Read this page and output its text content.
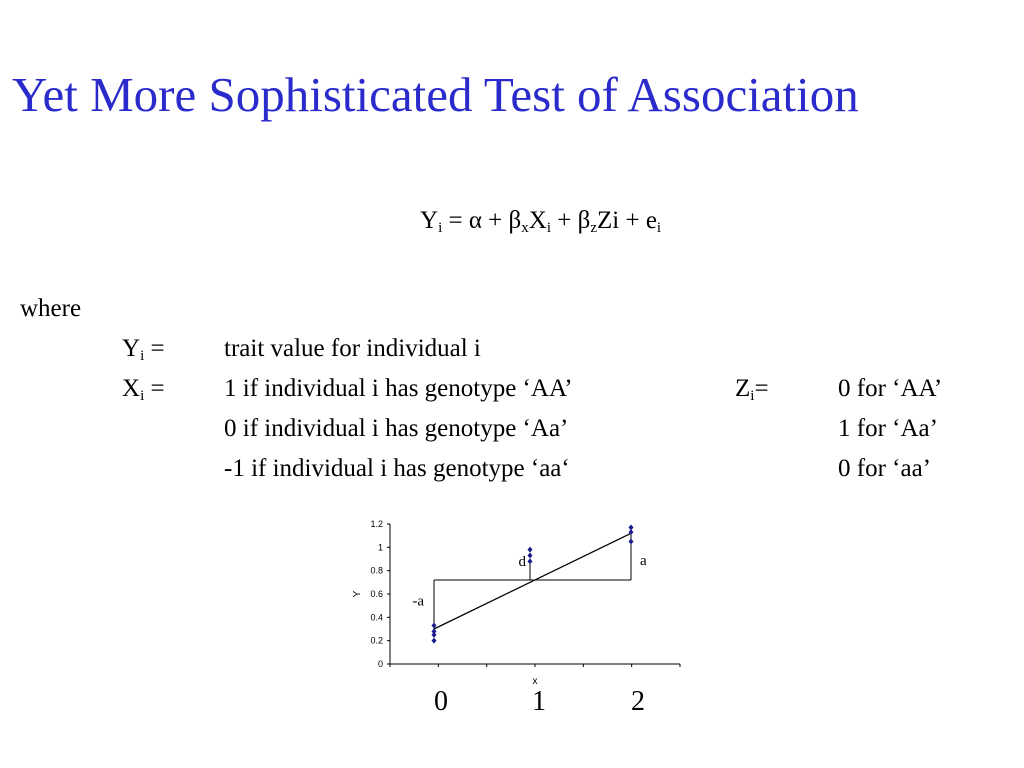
Yet More Sophisticated Test of Association
$Y_i = \alpha + \beta_xX_i + \beta_zZi + e_i$
where
$Y_i$ = trait value for individual i
$X_i = 1$ if individual i has genotype ‘AA’	$Z_i=$	0 for ‘AA’
0 if individual i has genotype ‘Aa’	1 for ‘Aa’
-1 if individual i has genotype ‘aa‘	0 for ‘aa’
0
0.2
0.4
0.6
0.8
1
1.2
Y
x
-a
d	a
0	1	2
